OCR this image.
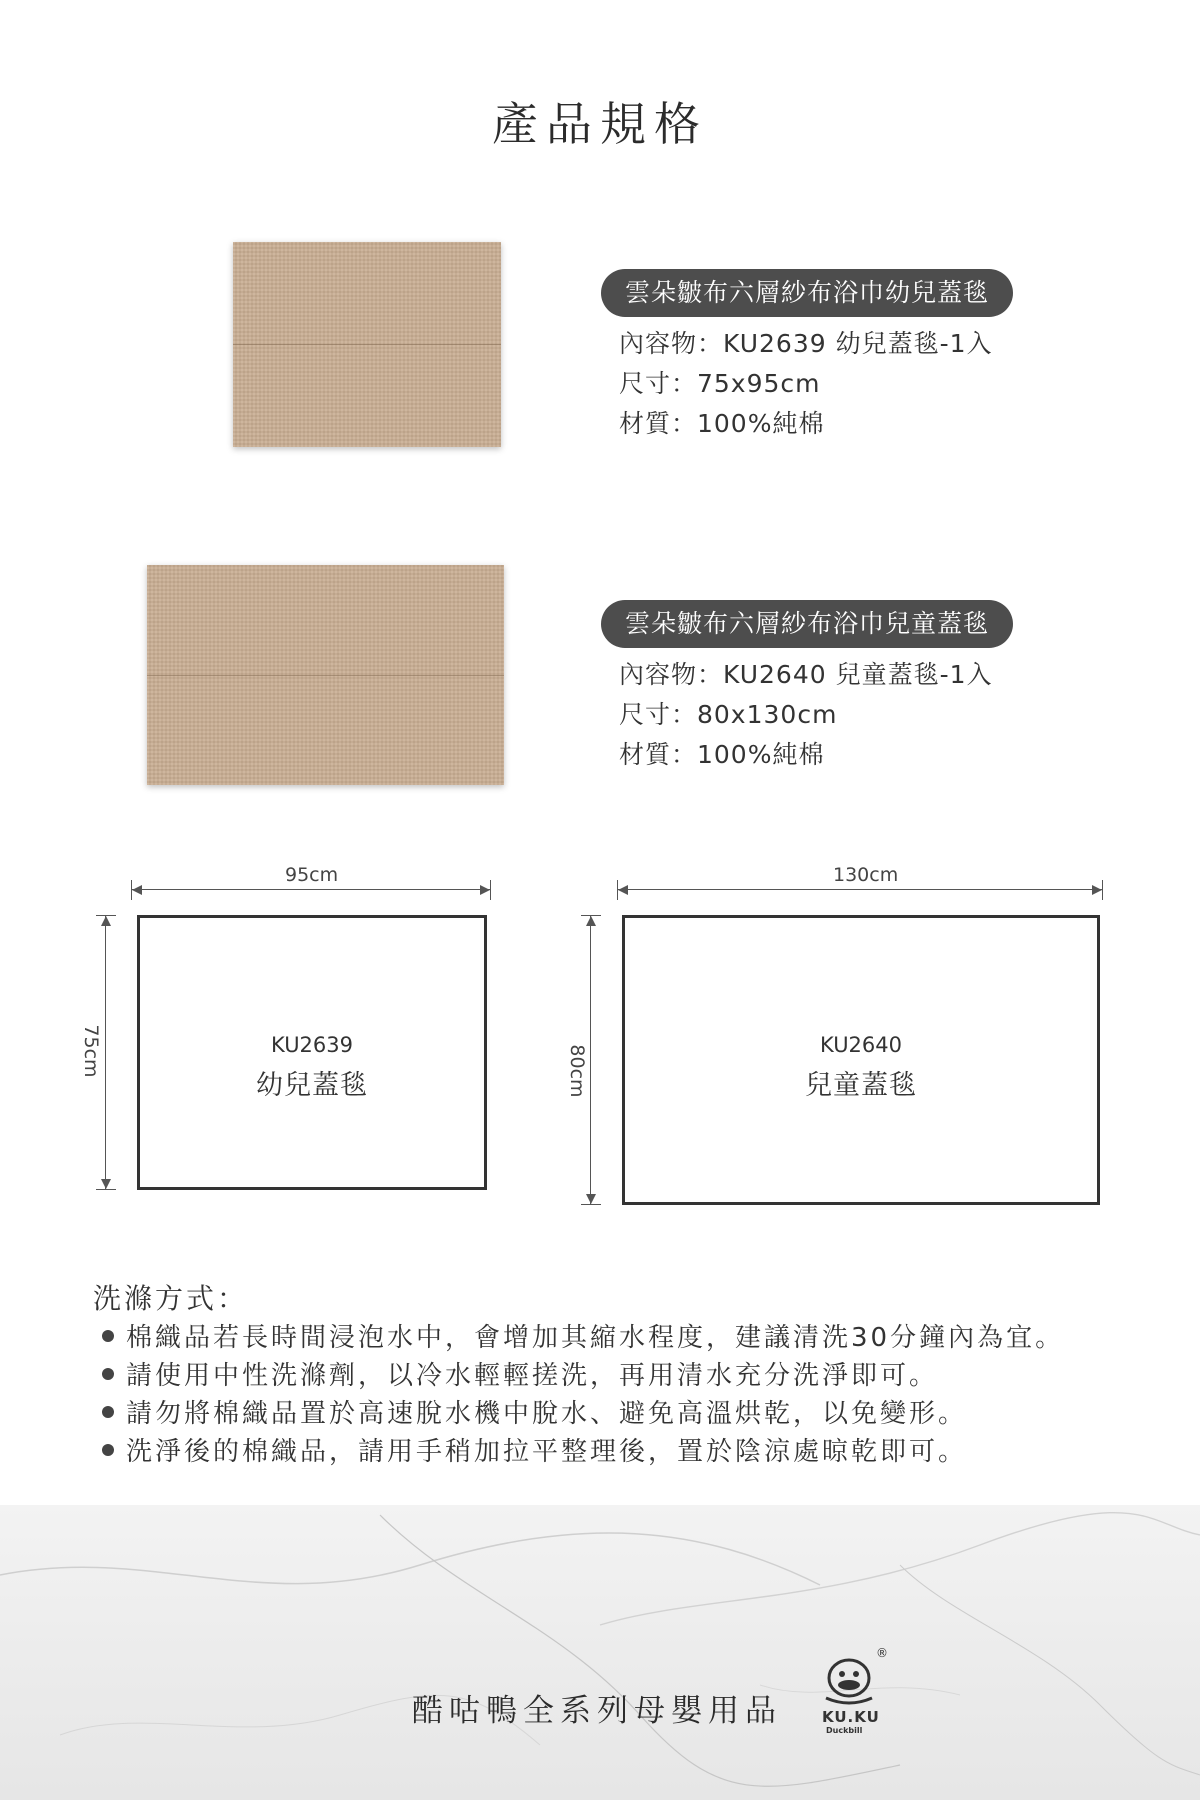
產品規格
雲朵皺布六層紗布浴巾幼兒蓋毯
內容物：KU2639 幼兒蓋毯-1入
尺寸：75x95cm
材質：100%純棉
雲朵皺布六層紗布浴巾兒童蓋毯
內容物：KU2640 兒童蓋毯-1入
尺寸：80x130cm
材質：100%純棉
95cm
75cm	KU2639
幼兒蓋毯
130cm
80cm	KU2640
兒童蓋毯
洗滌方式：
棉織品若長時間浸泡水中，會增加其縮水程度，建議清洗30分鐘內為宜。
請使用中性洗滌劑，以冷水輕輕搓洗，再用清水充分洗淨即可。
請勿將棉織品置於高速脫水機中脫水、避免高溫烘乾，以免變形。
洗淨後的棉織品，請用手稍加拉平整理後，置於陰涼處晾乾即可。
酷咕鴨全系列母嬰用品
®
KU.KU
Duckbill
